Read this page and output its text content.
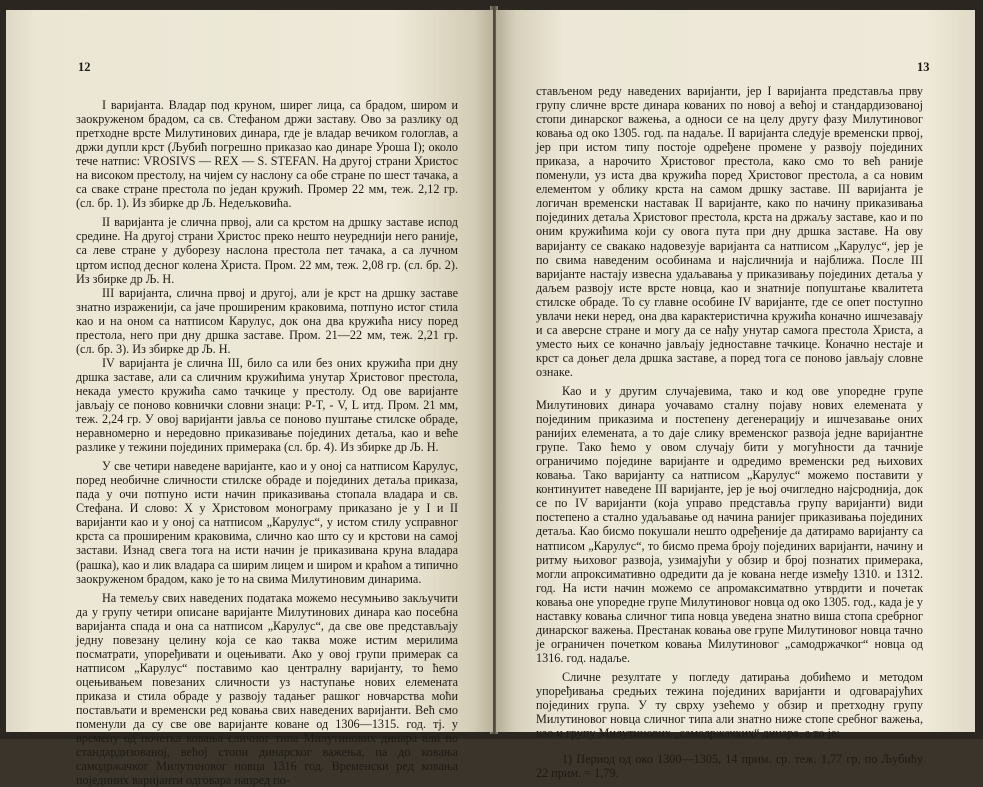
12

I варијанта. Владар под круном, ширег лица, са брадом, широм и заокруженом брадом, са св. Стефаном држи заставу. Ово за разлику од претходне врсте Милутинових динара, где је владар вечиком гологлав, а држи дупли крст (Љубић погрешно приказао као динаре Уроша I); около тече натпис: VROSIVS — REX — S. STEFAN. На другој страни Христос на високом престолу, на чијем су наслону са обе стране по шест тачака, а са свакe стране престола по један кружић. Промер 22 мм, теж. 2,12 гр. (сл. бр. 1). Из збирке др Љ. Недељковића.

II варијанта је слична првој, али са крстом на дршку заставе испод средине. На другој страни Христос преко нешто неуреднији него раније, са леве стране у дуборезу наслона престола пет тачака, а са лучном цртом испод десног колена Христа. Пром. 22 мм, теж. 2,08 гр. (сл. бр. 2). Из збирке др Љ. Н.

III варијанта, слична првој и другој, али је крст на дршку заставе знатно израженији, са јаче проширеним краковима, потпуно истог стила као и на оном са натписом Карулус, док она два кружића нису поред престола, него при дну дршка заставе. Пром. 21—22 мм, теж. 2,21 гр. (сл. бр. 3). Из збирке др Љ. Н.

IV варијанта је слична III, било са или без оних кружића при дну дршка заставе, али са сличним кружићима унутар Христовог престола, некада уместо кружића само тачкице у престолу. Од ове варијанте јављају се поново ковнички словни знаци: P-T, - V, L итд. Пром. 21 мм, теж. 2,24 гр. У овој варијанти јавља се поново пуштање стилске обраде, неравномерно и нередовно приказивање појединих детаља, као и веће разлике у тежини појединих примерака (сл. бр. 4). Из збирке др Љ. Н.

У све четири наведене варијанте, као и у оној са натписом Карулус, поред необичне сличности стилске обраде и појединих детаља приказа, пада у очи потпуно исти начин приказивања стопала владара и св. Стефана. И слово: X у Христовом монограму приказано је у I и II варијанти као и у оној са натписом „Карулус“, у истом стилу успрaвног крста са проширеним краковима, слично као што су и крстови на самој застави. Изнад свега тога на исти начин је приказивана круна владара (рашка), као и лик владара са ширим лицем и широм и краћом а типично заокруженом брадом, како је то на свима Милутиновим динарима.

На темељу свих наведених података можемо несумњиво закључити да у групу четири описане варијанте Милутинових динара као посебна варијанта спада и она са натписом „Карулус“, да све ове представљају једну повезану целину која се као таква може истим мерилима посматрати, упоређивати и оцењивати. Ако у овој групи примерак са натписом „Карулус“ поставимо као централну варијанту, то ћемо оцењивањем повезаних сличности уз наступање нових елемената приказа и стила обраде у развоју тадањег рашког новчарства моћи постављати и временски ред ковања свих наведених варијанти. Већ смо поменули да су све ове варијанте коване од 1306—1315. год. тј. у времену од почетка ковања сличног типа Милутинових динара али по стандардизованој, већој стопи динарског важења, па до ковања самодржачког Милутиновог новца 1316 год. Временски ред ковања појединих варијанти одговара напред по-

13

стављеном реду наведених варијанти, јер I варијанта представља прву групу сличне врсте динара кованих по новој а већој и стандардизованој стопи динарског важења, а односи се на целу другу фазу Милутиновог ковања од око 1305. год. па надаље. II варијанта следује временски првој, јер при истом типу постоје одређене промене у развоју појединих приказа, а нарочито Христовог престола, како смо то већ раније поменули, уз иста два кружића поред Христовог престола, а са новим елементом у облику крста на самом дршку заставе. III варијанта је логичан временски наставак II варијанте, како по начину приказивања појединих детаља Христовог престола, крста на држаљу заставе, као и по оним кружићима који су овога пута при дну дршка заставе. На ову варијанту се свакако надовезује варијанта са натписом „Карулус“, јер је по свима наведеним особинама и најсличнија и најближа. После III варијанте настају извесна удаљавања у приказивању појединих детаља у даљем развоју исте врсте новца, као и знатније попуштање квалитета стилске обраде. То су главне особине IV варијанте, где се опет поступно увлачи неки неред, она два карактеристична кружића коначно ишчезавају и са аверсне стране и могу да се нађу унутар самога престола Христа, а уместо њих се коначно јављају једноставне тачкице. Коначно нестаје и крст са доњег дела дршка заставе, а поред тога се поново јављају словне ознаке.

Као и у другим случајевима, тако и код ове упоредне групе Милутинових динара уочавамо сталну појаву нових елемената у појединим приказима и постепену дегенерацију и ишчезавање оних ранијих елемената, а то даје слику временског развоја једне варијантне групе. Тако ћемо у овом случају бити у могућности да тачније ограничимо појединe варијанте и одредимо временски ред њихових ковања. Тако варијанту са натписом „Карулус“ можемо поставити у континуитет наведене III варијанте, јер је њој очигледно најсроднија, док се по IV варијанти (која управо представља групу варијанти) види постепено а стално удаљавање од начина ранијег приказивања појединих детаља. Као бисмо покушали нешто одређеније да датирамо варијанту са натписом „Карулус“, то бисмо према броју појединих варијанти, начину и ритму њиховог развоја, узимајући у обзир и број познатих примерака, могли апроксимативно одредити да је кована негде између 1310. и 1312. год. На исти начин можемо се апромаксиматвно утврдити и почетак ковања оне упоредне групе Милутиновог новца од око 1305. год., када је у наставку ковања сличног типа новца уведена знатно виша стопа сребрног динарског важења. Престанак ковања ове групе Милутиновог новца тачно је ограничен почетком ковања Милутиновог „самодржачког“ новца од 1316. год. надаље.

Сличне резултате у погледу датирања добићемо и методом упоређивања средњих тежина појединих варијанти и одговарајућих појединих група. У ту сврху узећемо у обзир и претходну групу Милутиновог новца сличног типа али знатно ниже стопе сребног важења, као и групу Милутинових „самодржачких“ динара, а то је:

1) Период од око 1300—1305, 14 прим. ср. теж. 1,77 гр, по Љубићу 22 прим. = 1,79.
